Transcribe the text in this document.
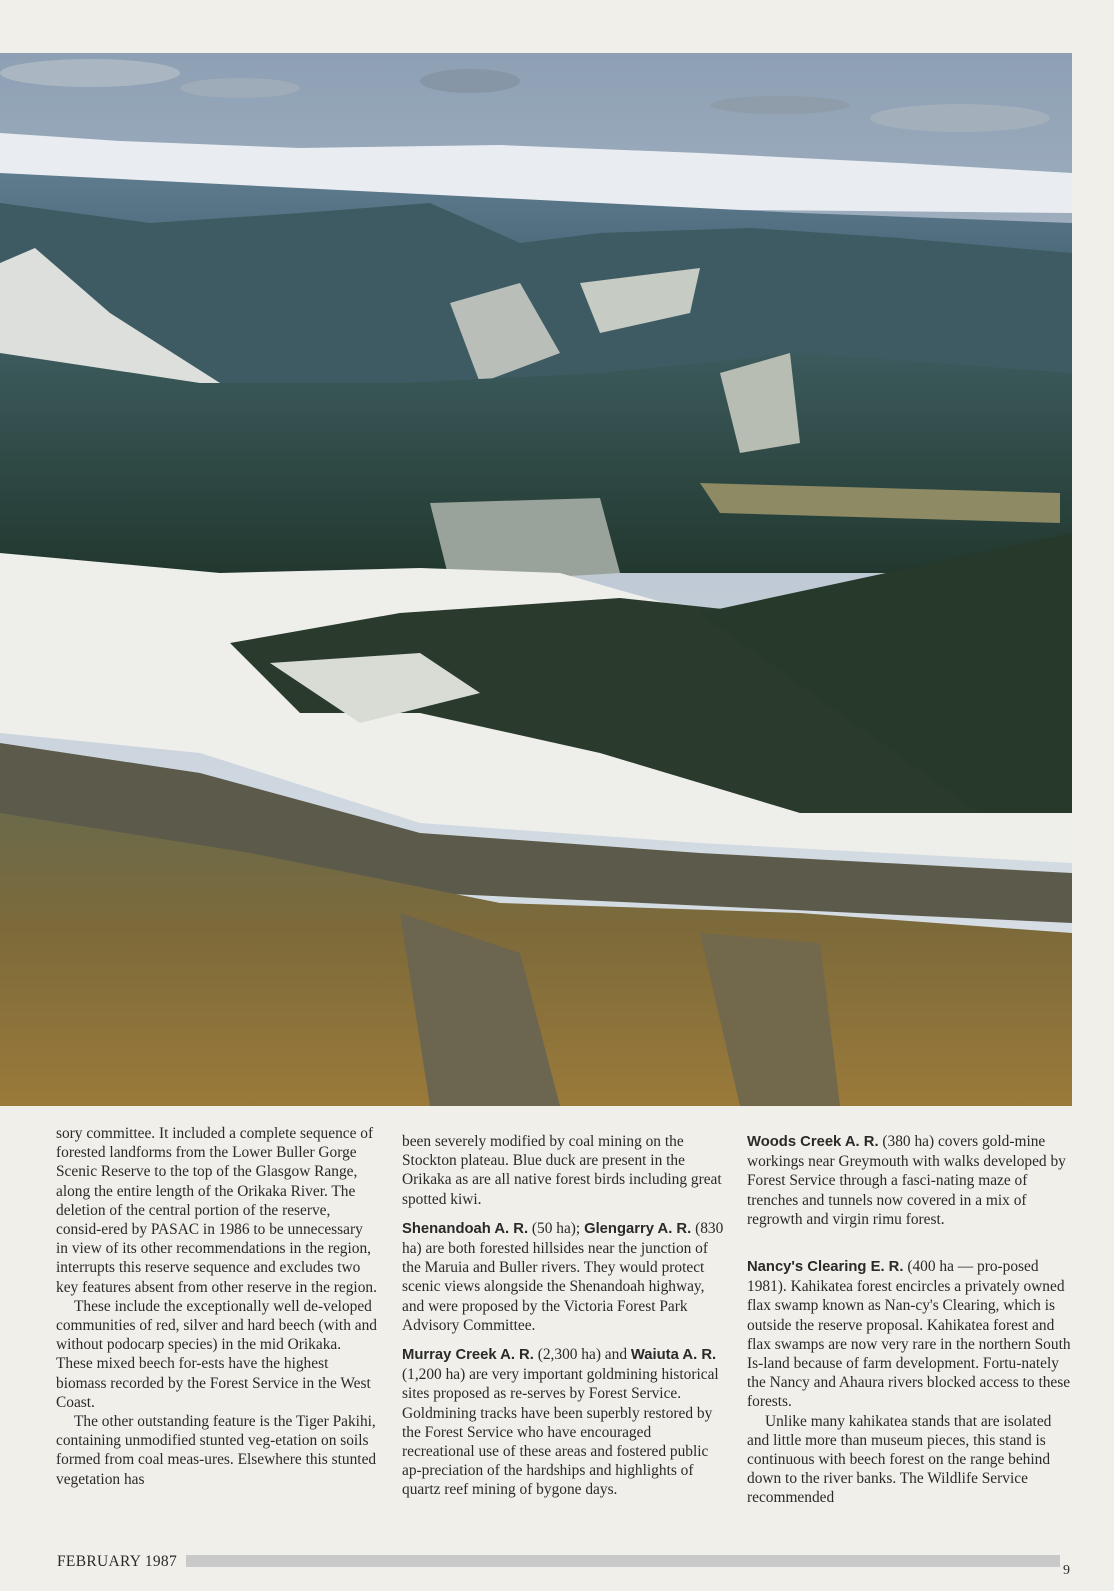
sory committee. It included a complete sequence of forested landforms from the Lower Buller Gorge Scenic Reserve to the top of the Glasgow Range, along the entire length of the Orikaka River. The deletion of the central portion of the reserve, consid-ered by PASAC in 1986 to be unnecessary in view of its other recommendations in the region, interrupts this reserve sequence and excludes two key features absent from other reserve in the region.

These include the exceptionally well de-veloped communities of red, silver and hard beech (with and without podocarp species) in the mid Orikaka. These mixed beech for-ests have the highest biomass recorded by the Forest Service in the West Coast.

The other outstanding feature is the Tiger Pakihi, containing unmodified stunted veg-etation on soils formed from coal meas-ures. Elsewhere this stunted vegetation has

been severely modified by coal mining on the Stockton plateau. Blue duck are present in the Orikaka as are all native forest birds including great spotted kiwi.

Shenandoah A. R. (50 ha); Glengarry A. R. (830 ha) are both forested hillsides near the junction of the Maruia and Buller rivers. They would protect scenic views alongside the Shenandoah highway, and were proposed by the Victoria Forest Park Advisory Committee.

Murray Creek A. R. (2,300 ha) and Waiuta A. R. (1,200 ha) are very important goldmining historical sites proposed as re-serves by Forest Service. Goldmining tracks have been superbly restored by the Forest Service who have encouraged recreational use of these areas and fostered public ap-preciation of the hardships and highlights of quartz reef mining of bygone days.

Woods Creek A. R. (380 ha) covers gold-mine workings near Greymouth with walks developed by Forest Service through a fasci-nating maze of trenches and tunnels now covered in a mix of regrowth and virgin rimu forest.

Nancy's Clearing E. R. (400 ha — pro-posed 1981). Kahikatea forest encircles a privately owned flax swamp known as Nan-cy's Clearing, which is outside the reserve proposal. Kahikatea forest and flax swamps are now very rare in the northern South Is-land because of farm development. Fortu-nately the Nancy and Ahaura rivers blocked access to these forests.

Unlike many kahikatea stands that are isolated and little more than museum pieces, this stand is continuous with beech forest on the range behind down to the river banks. The Wildlife Service recommended

FEBRUARY 1987
9
